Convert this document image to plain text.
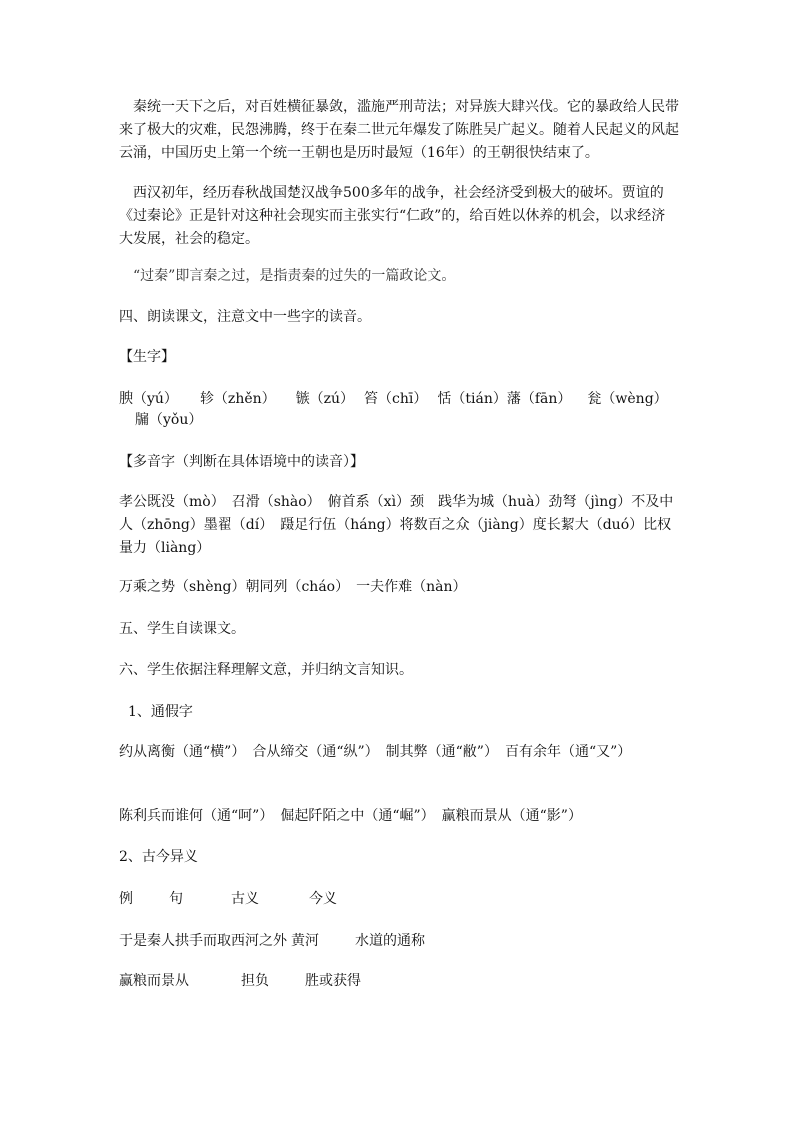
秦统一天下之后，对百姓横征暴敛，滥施严刑苛法；对异族大肆兴伐。它的暴政给人民带来了极大的灾难，民怨沸腾，终于在秦二世元年爆发了陈胜吴广起义。随着人民起义的风起云涌，中国历史上第一个统一王朝也是历时最短（16年）的王朝很快结束了。
西汉初年，经历春秋战国楚汉战争500多年的战争，社会经济受到极大的破坏。贾谊的《过秦论》正是针对这种社会现实而主张实行“仁政”的，给百姓以休养的机会，以求经济大发展，社会的稳定。
“过秦”即言秦之过，是指责秦的过失的一篇政论文。
四、朗读课文，注意文中一些字的读音。
【生字】
腴（yú） 轸（zhěn） 镞（zú） 笞（chī） 恬（tián）藩（fān） 瓮（wèng）牖（yǒu）
【多音字（判断在具体语境中的读音）】
孝公既没（mò）　召滑（shào）　俯首系（xì）颈　践华为城（huà）劲弩（jìng）不及中人（zhōng）墨翟（dí）　蹑足行伍（háng）将数百之众（jiàng）度长絜大（duó）比权量力（liàng）
万乘之势（shèng）朝同列（cháo）　一夫作难（nàn）
五、学生自读课文。
六、学生依据注释理解文意，并归纳文言知识。
1、通假字
约从离衡（通“横”）　合从缔交（通“纵”）　制其弊（通“敝”）　百有余年（通“又”）
陈利兵而谁何（通“呵”）　倔起阡陌之中（通“崛”）　赢粮而景从（通“影”）
2、古今异义
例	句	古义	今义
于是秦人拱手而取西河之外 黄河	水道的通称
赢粮而景从	担负	胜或获得
